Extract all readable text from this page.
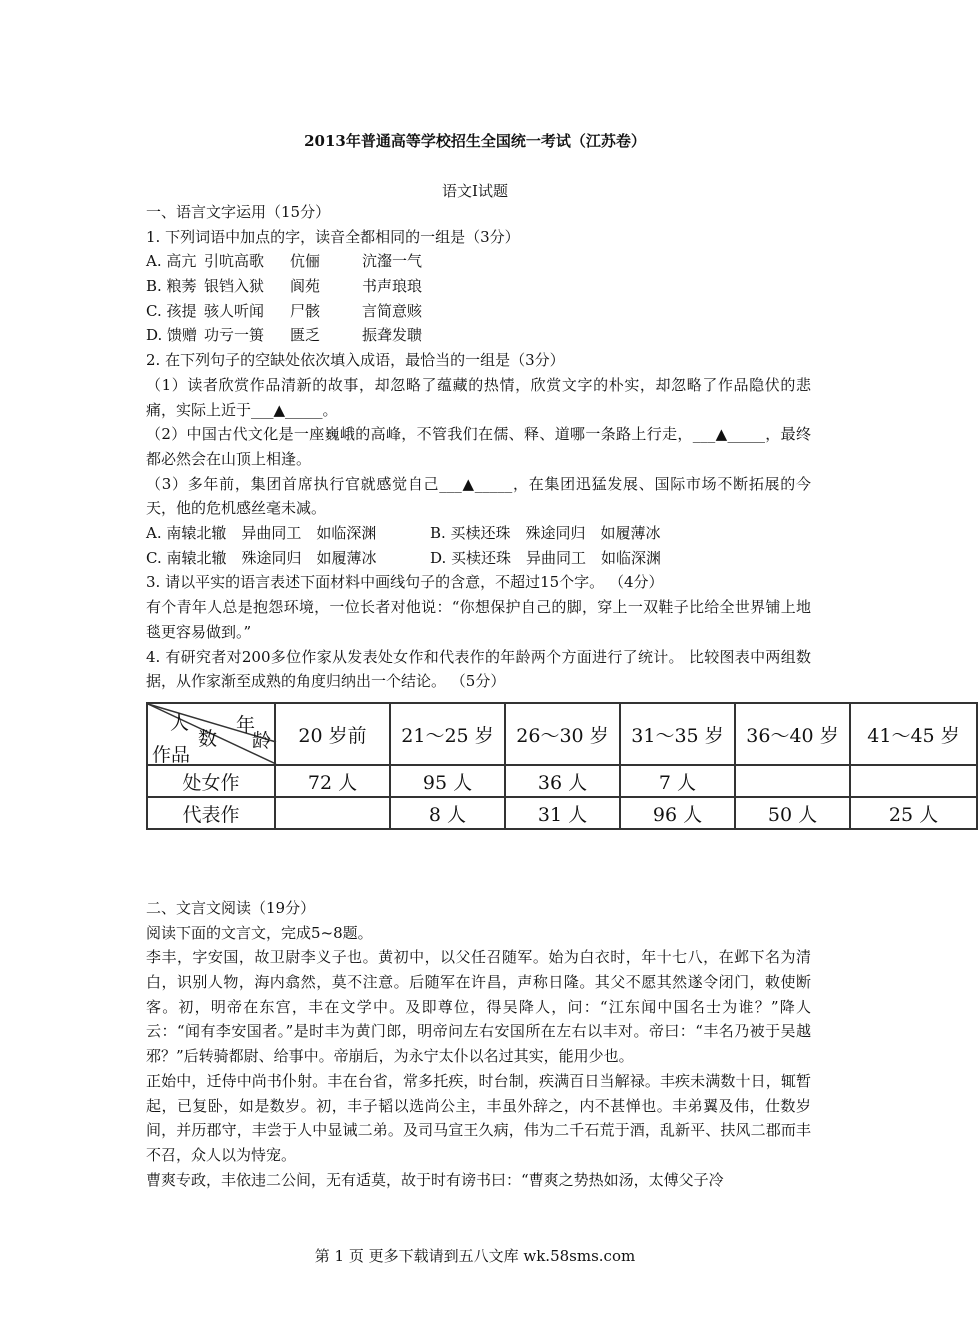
2013年普通高等学校招生全国统一考试（江苏卷）
语文Ⅰ试题
一、语言文字运用（15分）
1. 下列词语中加点的字，读音全都相同的一组是（3分）
A. 高亢 引吭高歌 伉俪	沆瀣一气
B. 粮莠 银铛入狱 阆苑	书声琅琅
C. 孩提 骇人听闻 尸骸	言简意赅
D. 馈赠 功亏一篑 匮乏	振聋发聩
2. 在下列句子的空缺处依次填入成语，最恰当的一组是（3分）
（1）读者欣赏作品清新的故事，却忽略了蕴藏的热情，欣赏文字的朴实，却忽略了作品隐伏的悲痛，实际上近于___▲_____。
（2）中国古代文化是一座巍峨的高峰，不管我们在儒、释、道哪一条路上行走，___▲_____，最终都必然会在山顶上相逢。
（3）多年前，集团首席执行官就感觉自己___▲_____，在集团迅猛发展、国际市场不断拓展的今天，他的危机感丝毫未减。
A. 南辕北辙　异曲同工　如临深渊	B. 买椟还珠　殊途同归　如履薄冰
C. 南辕北辙　殊途同归　如履薄冰	D. 买椟还珠　异曲同工　如临深渊
3. 请以平实的语言表述下面材料中画线句子的含意，不超过15个字。 （4分）
有个青年人总是抱怨环境，一位长者对他说：“你想保护自己的脚，穿上一双鞋子比给全世界铺上地毯更容易做到。”
4. 有研究者对200多位作家从发表处女作和代表作的年龄两个方面进行了统计。 比较图表中两组数据，从作家渐至成熟的角度归纳出一个结论。 （5分）
人 年
数 龄
作品	20 岁前	21～25 岁	26～30 岁	31～35 岁	36～40 岁	41～45 岁
处女作	72 人	95 人	36 人	7 人		
代表作		8 人	31 人	96 人	50 人	25 人
二、文言文阅读（19分）
阅读下面的文言文，完成5~8题。
李丰，字安国，故卫尉李义子也。黄初中，以父任召随军。始为白衣时，年十七八，在邺下名为清白，识别人物，海内翕然，莫不注意。后随军在许昌，声称日隆。其父不愿其然遂令闭门，敕使断客。初，明帝在东宫，丰在文学中。及即尊位，得吴降人，问：“江东闻中国名士为谁？”降人云：“闻有李安国者。”是时丰为黄门郎，明帝问左右安国所在左右以丰对。帝曰：“丰名乃被于吴越邪？”后转骑都尉、给事中。帝崩后，为永宁太仆以名过其实，能用少也。
正始中，迁侍中尚书仆射。丰在台省，常多托疾，时台制，疾满百日当解禄。丰疾未满数十日，辄暂起，已复卧，如是数岁。初，丰子韬以选尚公主，丰虽外辞之，内不甚惮也。丰弟翼及伟，仕数岁间，并历郡守，丰尝于人中显诫二弟。及司马宣王久病，伟为二千石荒于酒，乱新平、扶风二郡而丰不召，众人以为恃宠。
曹爽专政，丰依违二公间，无有适莫，故于时有谤书曰：“曹爽之势热如汤，太傅父子冷
第 1 页 更多下载请到五八文库 wk.58sms.com
